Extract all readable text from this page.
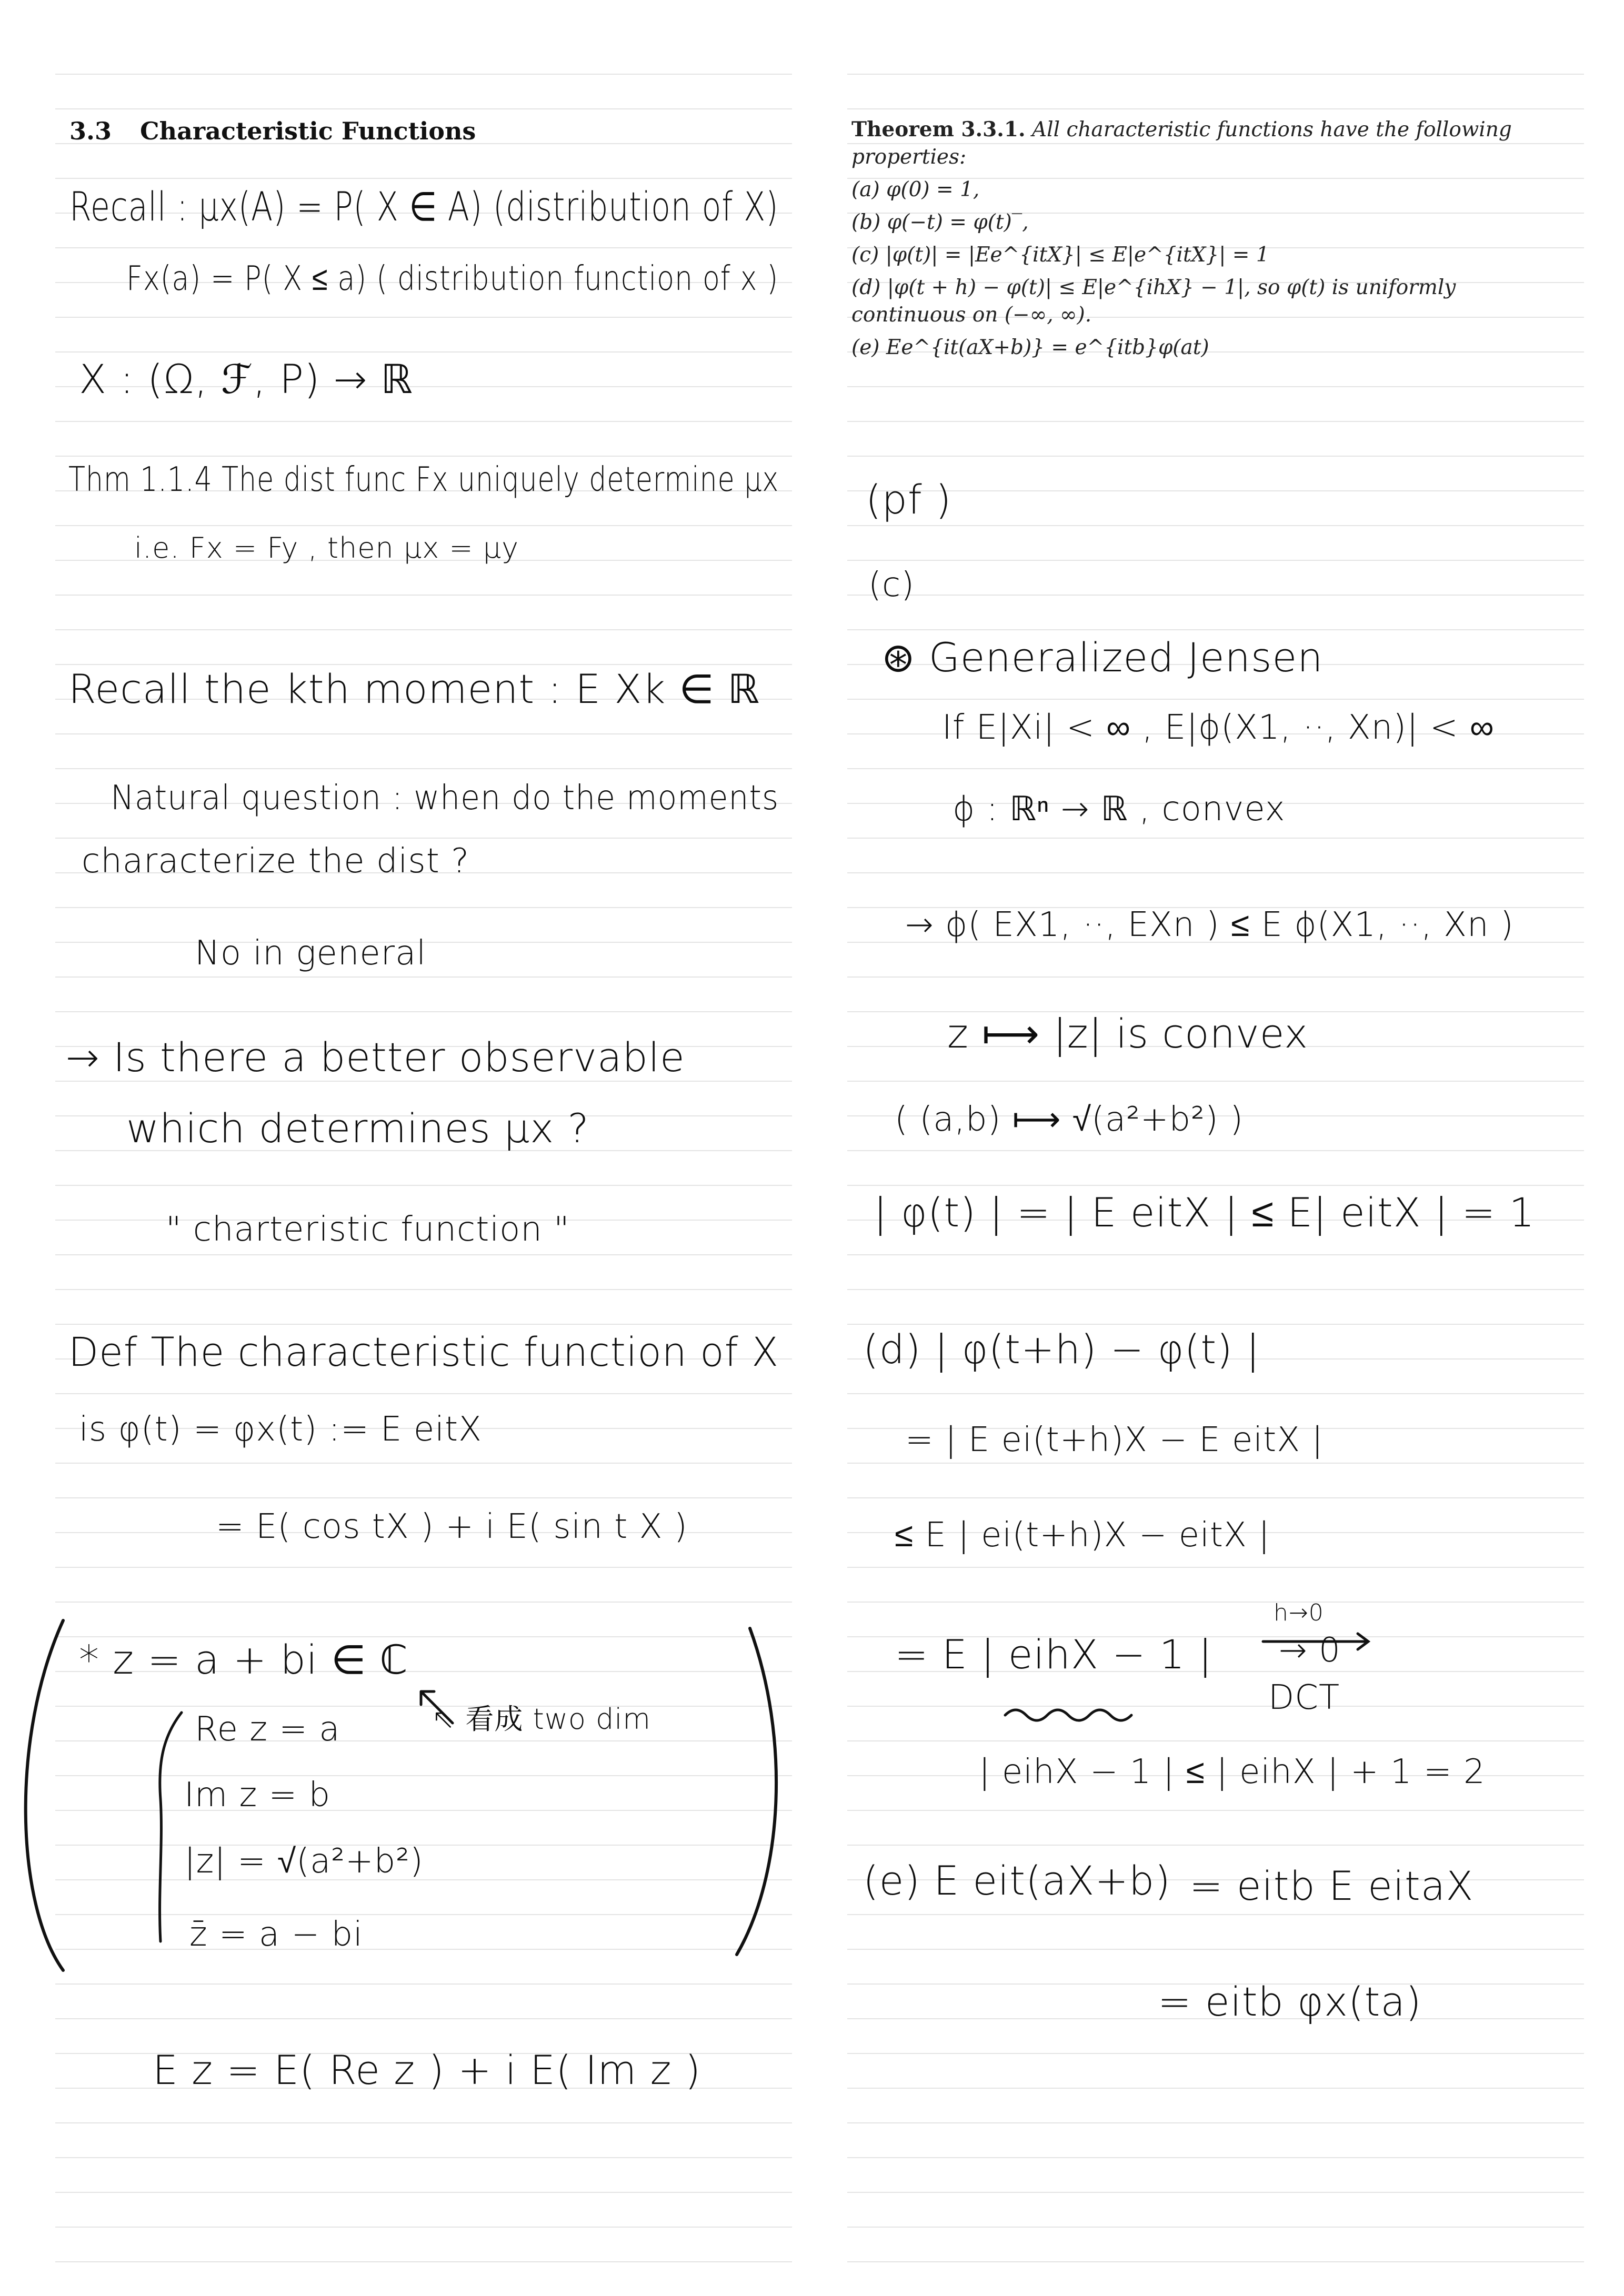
3.3 Characteristic Functions	Theorem 3.3.1. All characteristic functions have the following properties:
(a) φ(0) = 1,
(b) φ(−t) = φ(t)‾,
(c) |φ(t)| = |Ee^{itX}| ≤ E|e^{itX}| = 1
(d) |φ(t + h) − φ(t)| ≤ E|e^{ihX} − 1|, so φ(t) is uniformly continuous on (−∞, ∞).
(e) Ee^{it(aX+b)} = e^{itb}φ(at)
Recall : μx(A) = P( X ∈ A) (distribution of X)
Fx(a) = P( X ≤ a) ( distribution function of x )
X : (Ω, ℱ, P) → ℝ
Thm 1.1.4 The dist func Fx uniquely determine μx
i.e. Fx = Fy , then μx = μy
Recall the kth moment : E Xk ∈ ℝ
Natural question : when do the moments
characterize the dist ?
No in general
→ Is there a better observable
which determines μx ?
" charteristic function "
Def The characteristic function of X
is φ(t) = φx(t) := E eitX
= E( cos tX ) + i E( sin t X )
* z = a + bi ∈ ℂ
Re z = a
Im z = b
|z| = √(a²+b²)
z̄ = a − bi
↖ 看成 two dim
E z = E( Re z ) + i E( Im z )
(pf )
(c)
⊛ Generalized Jensen
If E|Xi| < ∞ , E|ϕ(X1, ··, Xn)| < ∞
ϕ : ℝⁿ → ℝ , convex
→ ϕ( EX1, ··, EXn ) ≤ E ϕ(X1, ··, Xn )
z ⟼ |z| is convex
( (a,b) ⟼ √(a²+b²) )
| φ(t) | = | E eitX | ≤ E| eitX | = 1
(d) | φ(t+h) − φ(t) |
= | E ei(t+h)X − E eitX |
≤ E | ei(t+h)X − eitX |
= E | eihX − 1 |
h→0
→ 0
DCT
| eihX − 1 | ≤ | eihX | + 1 = 2
(e) E eit(aX+b) = eitb E eitaX
= eitb φx(ta)
